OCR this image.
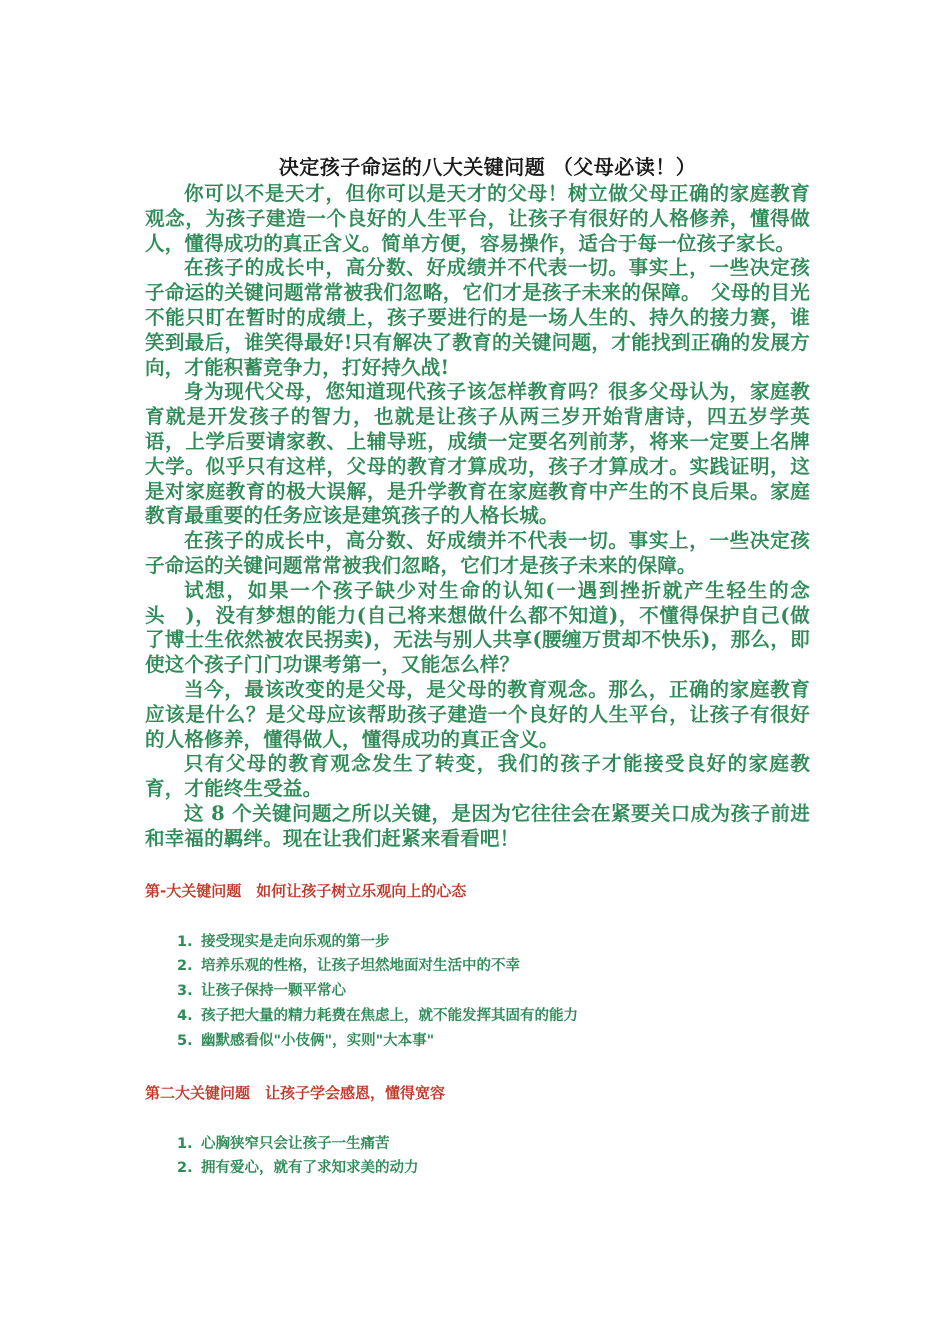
决定孩子命运的八大关键问题 （父母必读！）

你可以不是天才，但你可以是天才的父母！树立做父母正确的家庭教育观念，为孩子建造一个良好的人生平台，让孩子有很好的人格修养，懂得做人，懂得成功的真正含义。简单方便，容易操作，适合于每一位孩子家长。

在孩子的成长中，高分数、好成绩并不代表一切。事实上，一些决定孩子命运的关键问题常常被我们忽略，它们才是孩子未来的保障。　父母的目光不能只盯在暂时的成绩上，孩子要进行的是一场人生的、持久的接力赛，谁笑到最后，谁笑得最好!只有解决了教育的关键问题，才能找到正确的发展方向，才能积蓄竞争力，打好持久战!

身为现代父母，您知道现代孩子该怎样教育吗？很多父母认为，家庭教育就是开发孩子的智力，也就是让孩子从两三岁开始背唐诗，四五岁学英语，上学后要请家教、上辅导班，成绩一定要名列前茅，将来一定要上名牌大学。似乎只有这样，父母的教育才算成功，孩子才算成才。实践证明，这是对家庭教育的极大误解，是升学教育在家庭教育中产生的不良后果。家庭教育最重要的任务应该是建筑孩子的人格长城。

在孩子的成长中，高分数、好成绩并不代表一切。事实上，一些决定孩子命运的关键问题常常被我们忽略，它们才是孩子未来的保障。

试想，如果一个孩子缺少对生命的认知(一遇到挫折就产生轻生的念头　)，没有梦想的能力(自己将来想做什么都不知道)，不懂得保护自己(做了博士生依然被农民拐卖)，无法与别人共享(腰缠万贯却不快乐)，那么，即使这个孩子门门功课考第一，又能怎么样？

当今，最该改变的是父母，是父母的教育观念。那么，正确的家庭教育应该是什么？是父母应该帮助孩子建造一个良好的人生平台，让孩子有很好的人格修养，懂得做人，懂得成功的真正含义。

只有父母的教育观念发生了转变，我们的孩子才能接受良好的家庭教育，才能终生受益。

这 8 个关键问题之所以关键，是因为它往往会在紧要关口成为孩子前进和幸福的羁绊。现在让我们赶紧来看看吧！

第-大关键问题　如何让孩子树立乐观向上的心态
1. 接受现实是走向乐观的第一步
2. 培养乐观的性格，让孩子坦然地面对生活中的不幸
3. 让孩子保持一颗平常心
4. 孩子把大量的精力耗费在焦虑上，就不能发挥其固有的能力
5. 幽默感看似"小伎俩"，实则"大本事"
第二大关键问题　让孩子学会感恩，懂得宽容
1. 心胸狭窄只会让孩子一生痛苦
2. 拥有爱心，就有了求知求美的动力
